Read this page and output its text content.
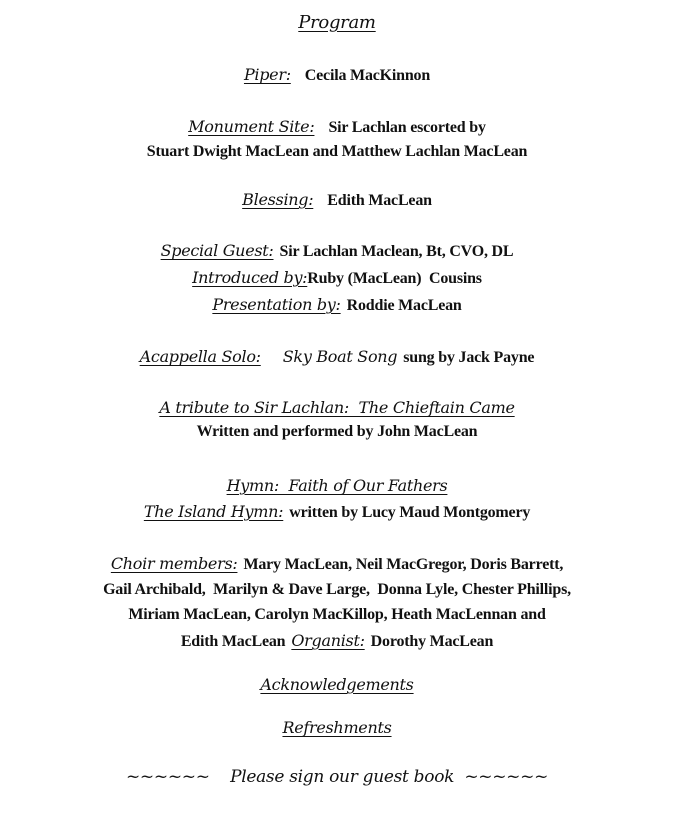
Program
Piper: Cecila MacKinnon
Monument Site: Sir Lachlan escorted by
Stuart Dwight MacLean and Matthew Lachlan MacLean
Blessing: Edith MacLean
Special Guest: Sir Lachlan Maclean, Bt, CVO, DL
Introduced by:Ruby (MacLean)  Cousins
Presentation by: Roddie MacLean
Acappella Solo: Sky Boat Song sung by Jack Payne
A tribute to Sir Lachlan:  The Chieftain Came
Written and performed by John MacLean
Hymn:  Faith of Our Fathers
The Island Hymn: written by Lucy Maud Montgomery
Choir members: Mary MacLean, Neil MacGregor, Doris Barrett,
Gail Archibald,  Marilyn & Dave Large,  Donna Lyle, Chester Phillips,
Miriam MacLean, Carolyn MacKillop, Heath MacLennan and
Edith MacLean Organist: Dorothy MacLean
Acknowledgements
Refreshments
~~~~~~    Please sign our guest book  ~~~~~~
